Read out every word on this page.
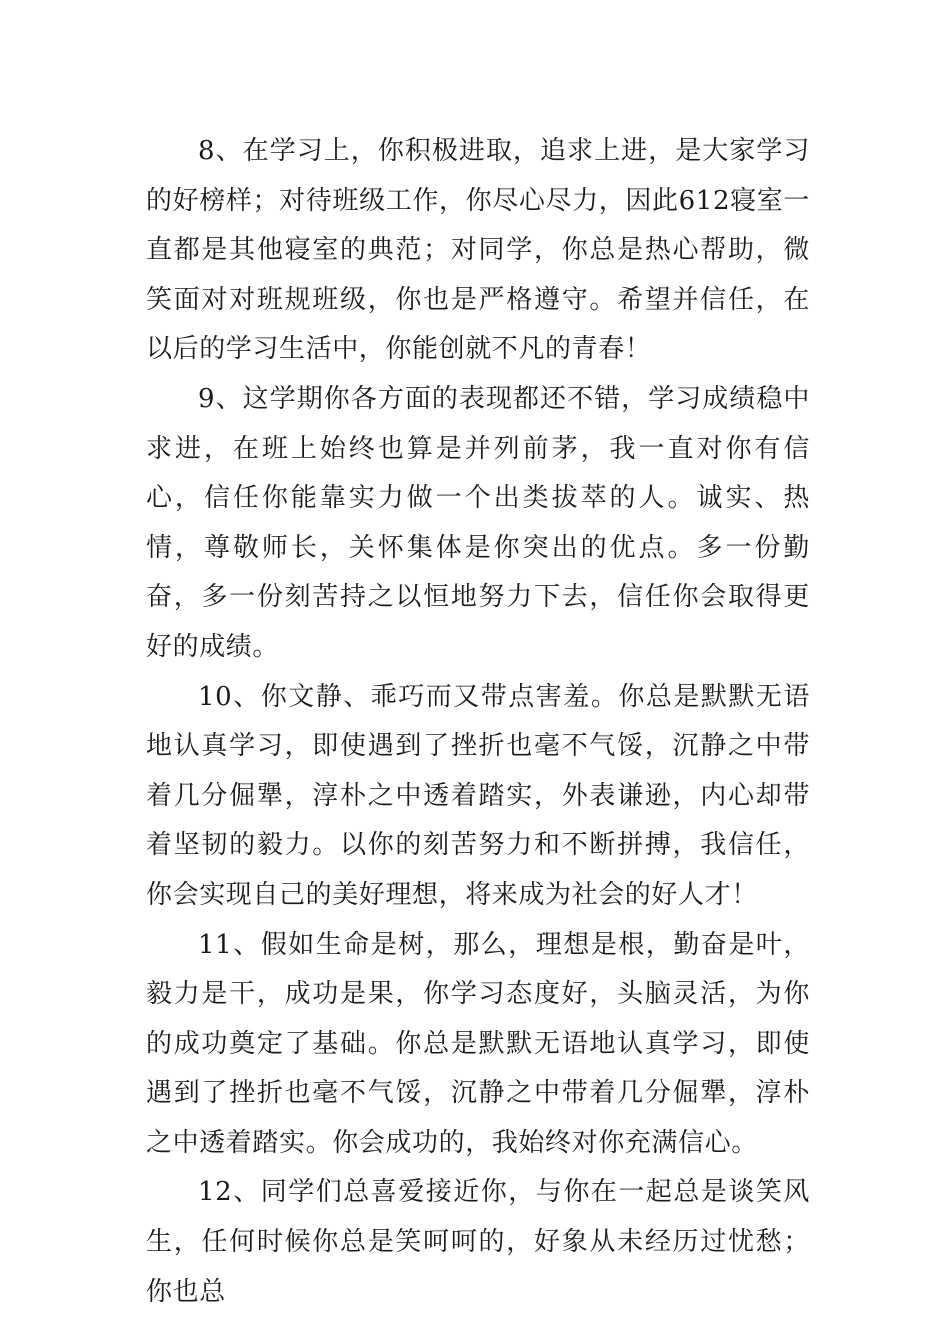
8、在学习上，你积极进取，追求上进，是大家学习的好榜样；对待班级工作，你尽心尽力，因此612寝室一直都是其他寝室的典范；对同学，你总是热心帮助，微笑面对对班规班级，你也是严格遵守。希望并信任，在以后的学习生活中，你能创就不凡的青春！

9、这学期你各方面的表现都还不错，学习成绩稳中求进，在班上始终也算是并列前茅，我一直对你有信心，信任你能靠实力做一个出类拔萃的人。诚实、热情，尊敬师长，关怀集体是你突出的优点。多一份勤奋，多一份刻苦持之以恒地努力下去，信任你会取得更好的成绩。

10、你文静、乖巧而又带点害羞。你总是默默无语地认真学习，即使遇到了挫折也毫不气馁，沉静之中带着几分倔犟，淳朴之中透着踏实，外表谦逊，内心却带着坚韧的毅力。以你的刻苦努力和不断拼搏，我信任，你会实现自己的美好理想，将来成为社会的好人才！

11、假如生命是树，那么，理想是根，勤奋是叶，毅力是干，成功是果，你学习态度好，头脑灵活，为你的成功奠定了基础。你总是默默无语地认真学习，即使遇到了挫折也毫不气馁，沉静之中带着几分倔犟，淳朴之中透着踏实。你会成功的，我始终对你充满信心。

12、同学们总喜爱接近你，与你在一起总是谈笑风生，任何时候你总是笑呵呵的，好象从未经历过忧愁；你也总
